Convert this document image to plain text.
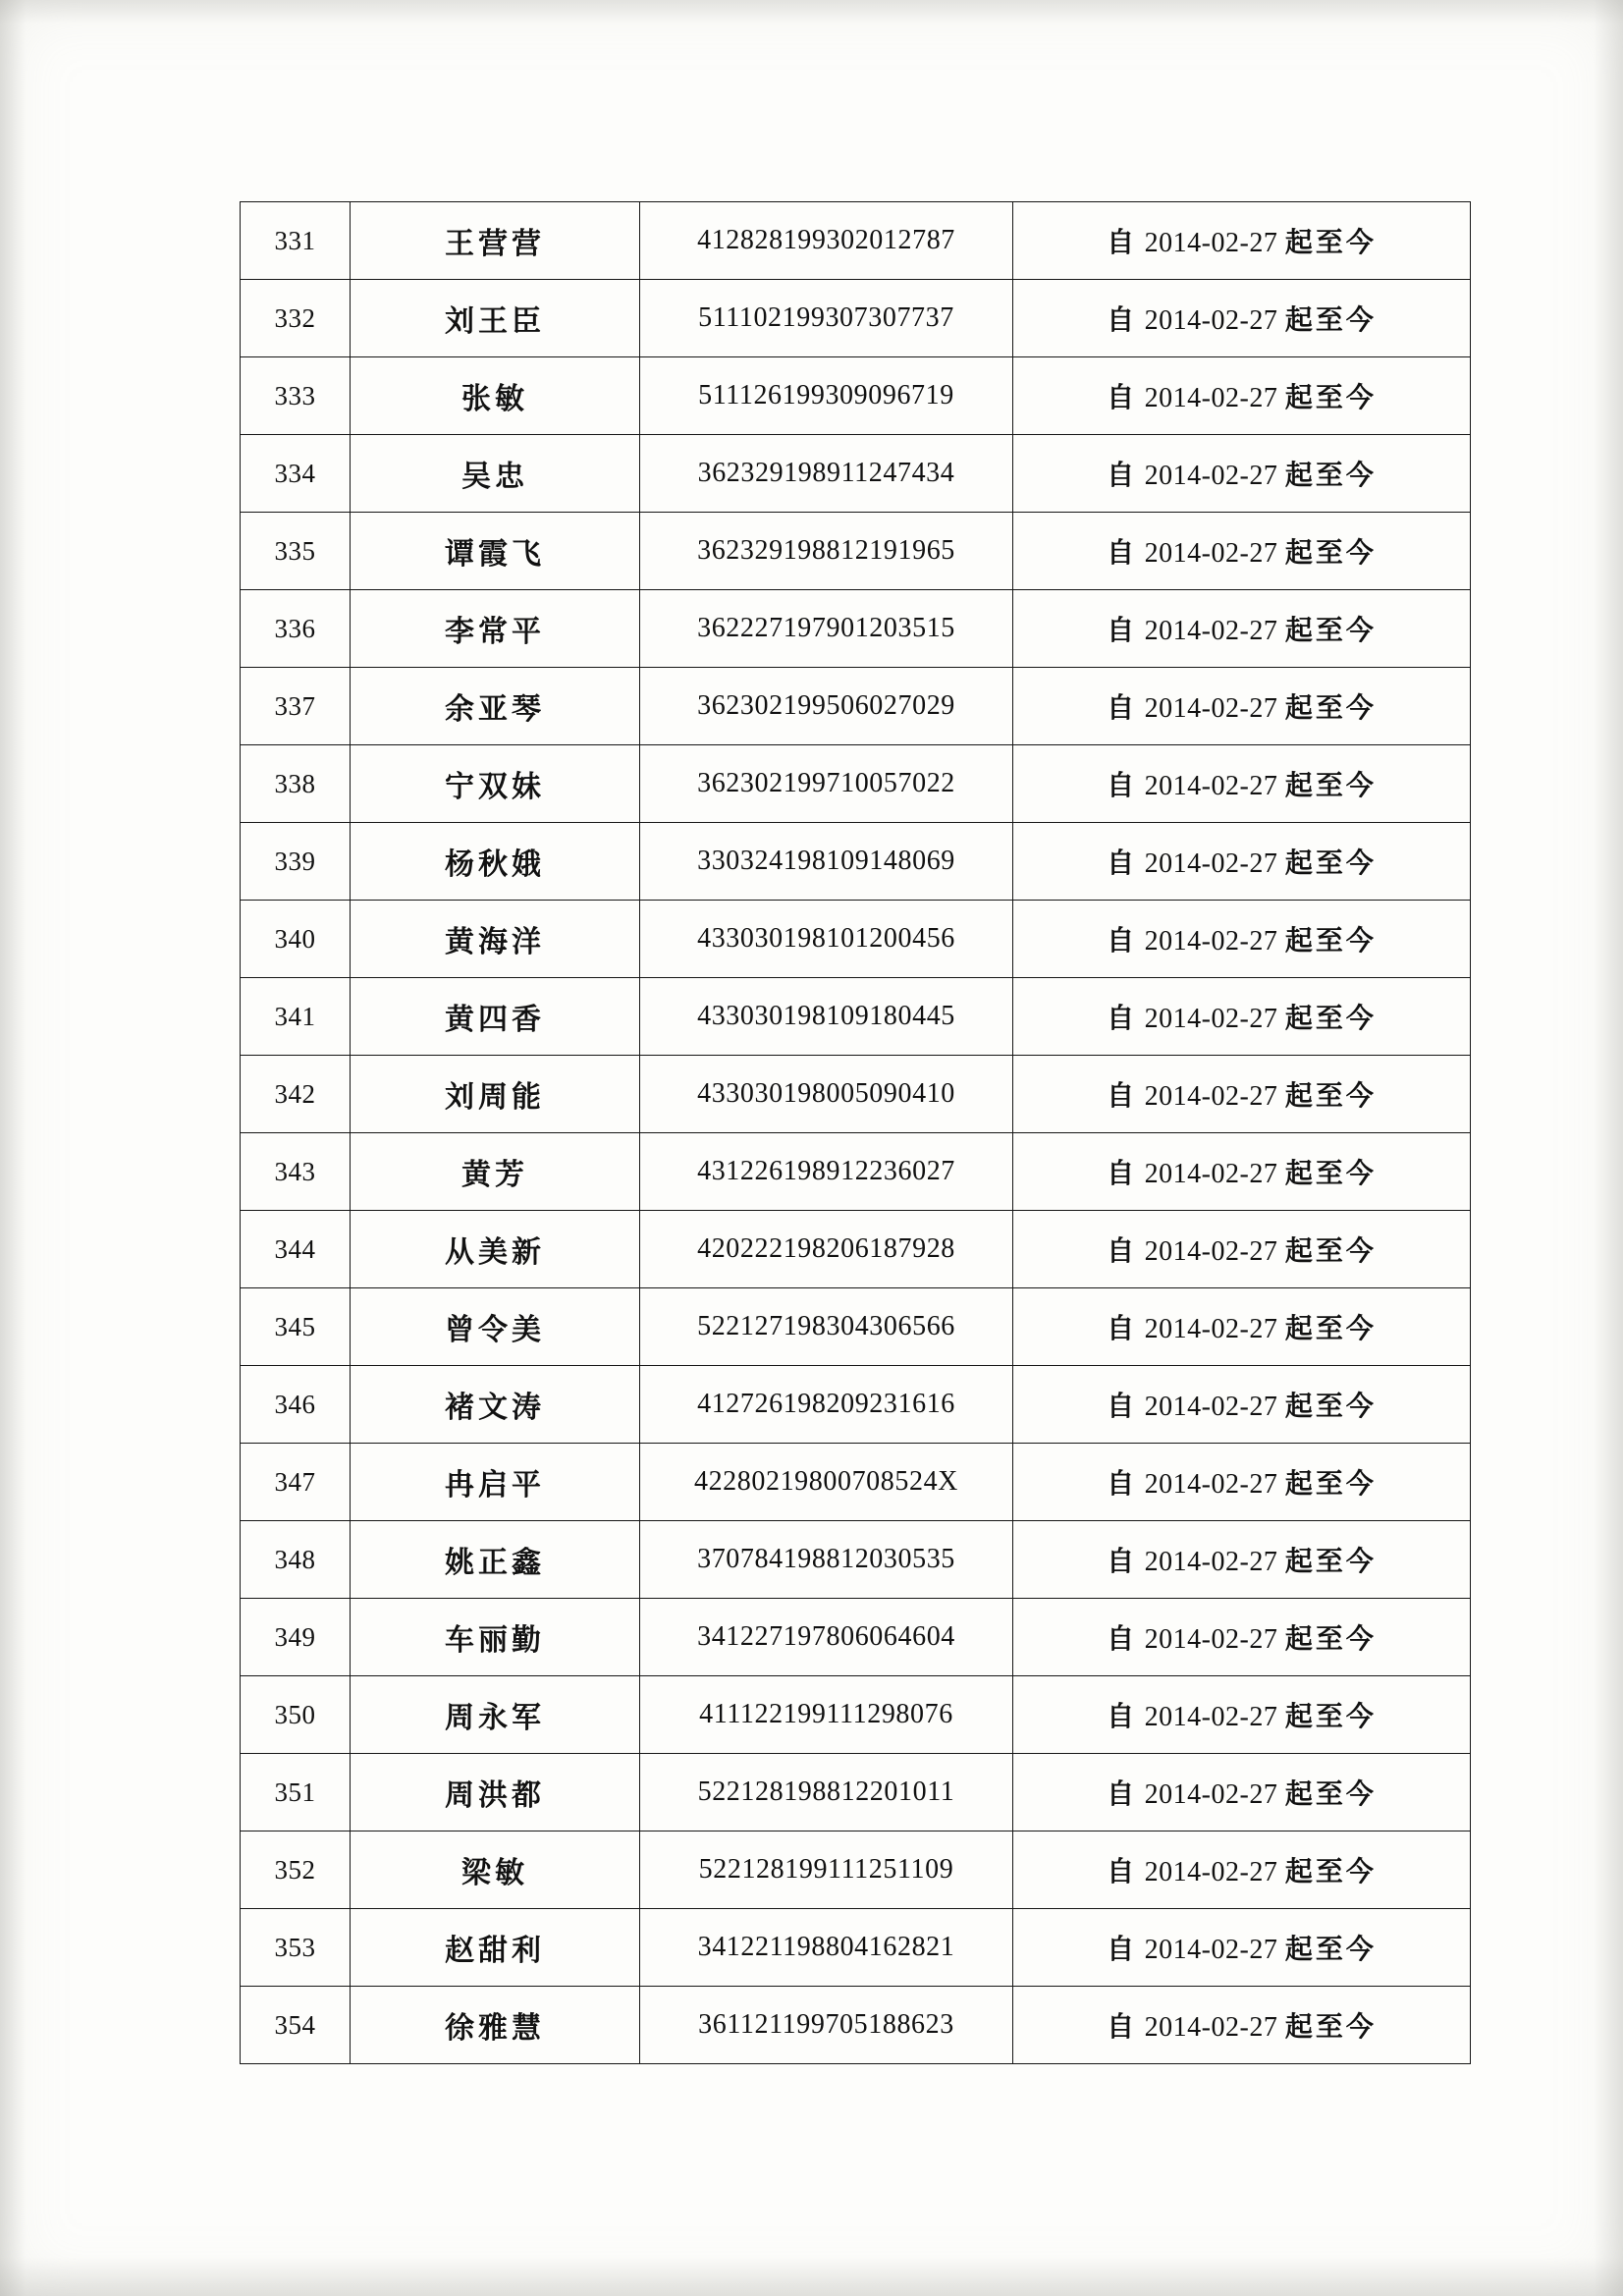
331	王营营	412828199302012787	自 2014-02-27 起至今
332	刘王臣	511102199307307737	自 2014-02-27 起至今
333	张敏	511126199309096719	自 2014-02-27 起至今
334	吴忠	362329198911247434	自 2014-02-27 起至今
335	谭霞飞	362329198812191965	自 2014-02-27 起至今
336	李常平	362227197901203515	自 2014-02-27 起至今
337	余亚琴	362302199506027029	自 2014-02-27 起至今
338	宁双妹	362302199710057022	自 2014-02-27 起至今
339	杨秋娥	330324198109148069	自 2014-02-27 起至今
340	黄海洋	433030198101200456	自 2014-02-27 起至今
341	黄四香	433030198109180445	自 2014-02-27 起至今
342	刘周能	433030198005090410	自 2014-02-27 起至今
343	黄芳	431226198912236027	自 2014-02-27 起至今
344	从美新	420222198206187928	自 2014-02-27 起至今
345	曾令美	522127198304306566	自 2014-02-27 起至今
346	褚文涛	412726198209231616	自 2014-02-27 起至今
347	冉启平	42280219800708524X	自 2014-02-27 起至今
348	姚正鑫	370784198812030535	自 2014-02-27 起至今
349	车丽勤	341227197806064604	自 2014-02-27 起至今
350	周永军	411122199111298076	自 2014-02-27 起至今
351	周洪都	522128198812201011	自 2014-02-27 起至今
352	梁敏	522128199111251109	自 2014-02-27 起至今
353	赵甜利	341221198804162821	自 2014-02-27 起至今
354	徐雅慧	361121199705188623	自 2014-02-27 起至今
